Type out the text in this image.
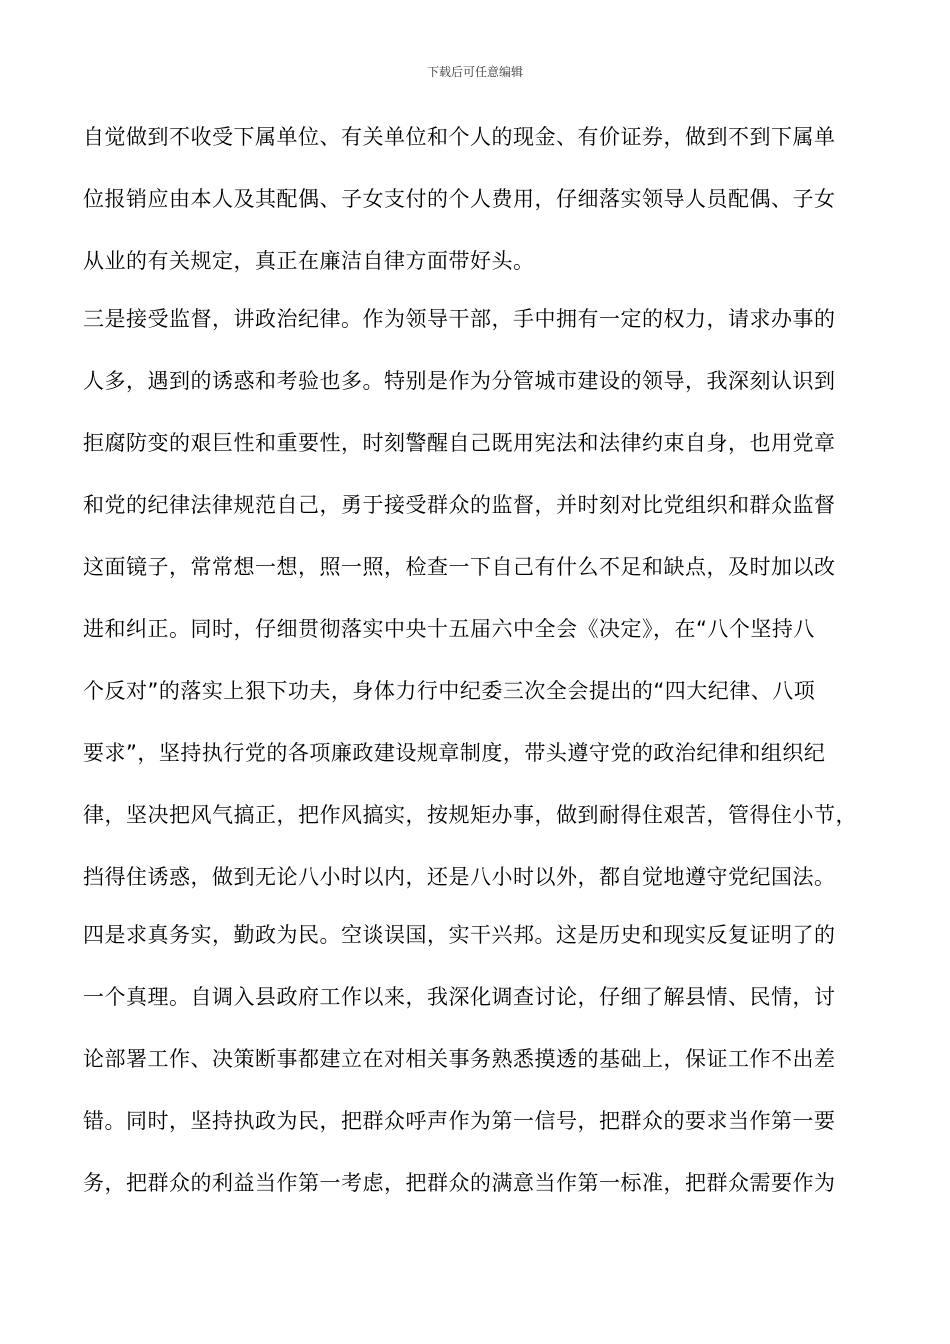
下载后可任意编辑
自觉做到不收受下属单位、有关单位和个人的现金、有价证券，做到不到下属单
位报销应由本人及其配偶、子女支付的个人费用，仔细落实领导人员配偶、子女
从业的有关规定，真正在廉洁自律方面带好头。
三是接受监督，讲政治纪律。作为领导干部，手中拥有一定的权力，请求办事的
人多，遇到的诱惑和考验也多。特别是作为分管城市建设的领导，我深刻认识到
拒腐防变的艰巨性和重要性，时刻警醒自己既用宪法和法律约束自身，也用党章
和党的纪律法律规范自己，勇于接受群众的监督，并时刻对比党组织和群众监督
这面镜子，常常想一想，照一照，检查一下自己有什么不足和缺点，及时加以改
进和纠正。同时，仔细贯彻落实中央十五届六中全会《决定》，在“八个坚持八
个反对”的落实上狠下功夫，身体力行中纪委三次全会提出的“四大纪律、八项
要求”，坚持执行党的各项廉政建设规章制度，带头遵守党的政治纪律和组织纪
律，坚决把风气搞正，把作风搞实，按规矩办事，做到耐得住艰苦，管得住小节，
挡得住诱惑，做到无论八小时以内，还是八小时以外，都自觉地遵守党纪国法。
四是求真务实，勤政为民。空谈误国，实干兴邦。这是历史和现实反复证明了的
一个真理。自调入县政府工作以来，我深化调查讨论，仔细了解县情、民情，讨
论部署工作、决策断事都建立在对相关事务熟悉摸透的基础上，保证工作不出差
错。同时，坚持执政为民，把群众呼声作为第一信号，把群众的要求当作第一要
务，把群众的利益当作第一考虑，把群众的满意当作第一标准，把群众需要作为
